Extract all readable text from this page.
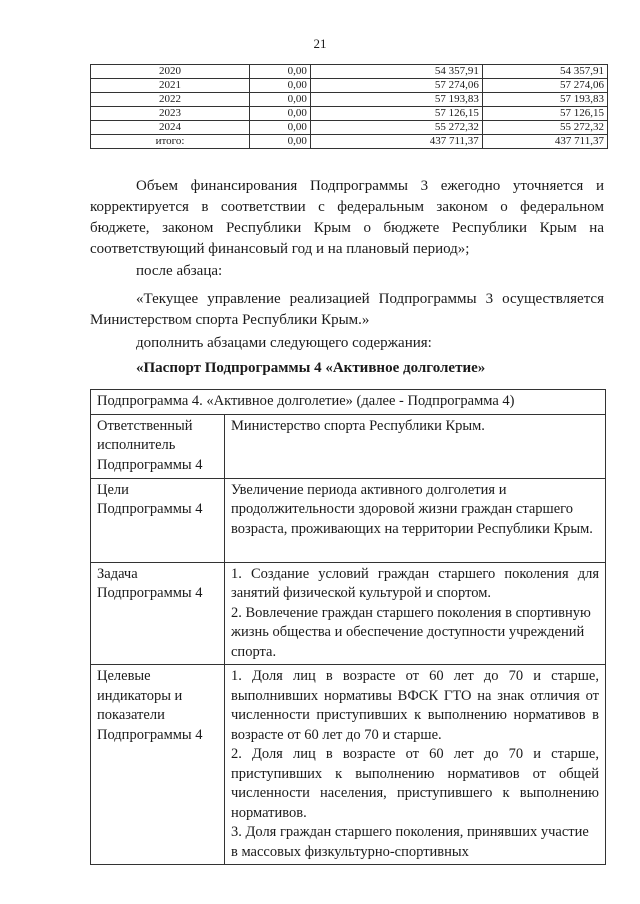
21
2020	0,00	54 357,91	54 357,91
2021	0,00	57 274,06	57 274,06
2022	0,00	57 193,83	57 193,83
2023	0,00	57 126,15	57 126,15
2024	0,00	55 272,32	55 272,32
итого:	0,00	437 711,37	437 711,37
Объем финансирования Подпрограммы 3 ежегодно уточняется и корректируется в соответствии с федеральным законом о федеральном бюджете, законом Республики Крым о бюджете Республики Крым на соответствующий финансовый год и на плановый период»;
после абзаца:
«Текущее управление реализацией Подпрограммы 3 осуществляется Министерством спорта Республики Крым.»
дополнить абзацами следующего содержания:
«Паспорт Подпрограммы 4 «Активное долголетие»
Подпрограмма 4. «Активное долголетие» (далее - Подпрограмма 4)	
Ответственный исполнитель Подпрограммы 4	Министерство спорта Республики Крым.
Цели Подпрограммы 4	Увеличение периода активного долголетия и продолжительности здоровой жизни граждан старшего возраста, проживающих на территории Республики Крым.
Задача Подпрограммы 4	1. Создание условий граждан старшего поколения для занятий физической культурой и спортом.
2. Вовлечение граждан старшего поколения в спортивную жизнь общества и обеспечение доступности учреждений спорта.

Целевые индикаторы и показатели Подпрограммы 4	1. Доля лиц в возрасте от 60 лет до 70 и старше, выполнивших нормативы ВФСК ГТО на знак отличия от численности приступивших к выполнению нормативов в возрасте от 60 лет до 70 и старше.
2. Доля лиц в возрасте от 60 лет до 70 и старше, приступивших к выполнению нормативов от общей численности населения, приступившего к выполнению нормативов.
3. Доля граждан старшего поколения, принявших участие в массовых физкультурно-спортивных
